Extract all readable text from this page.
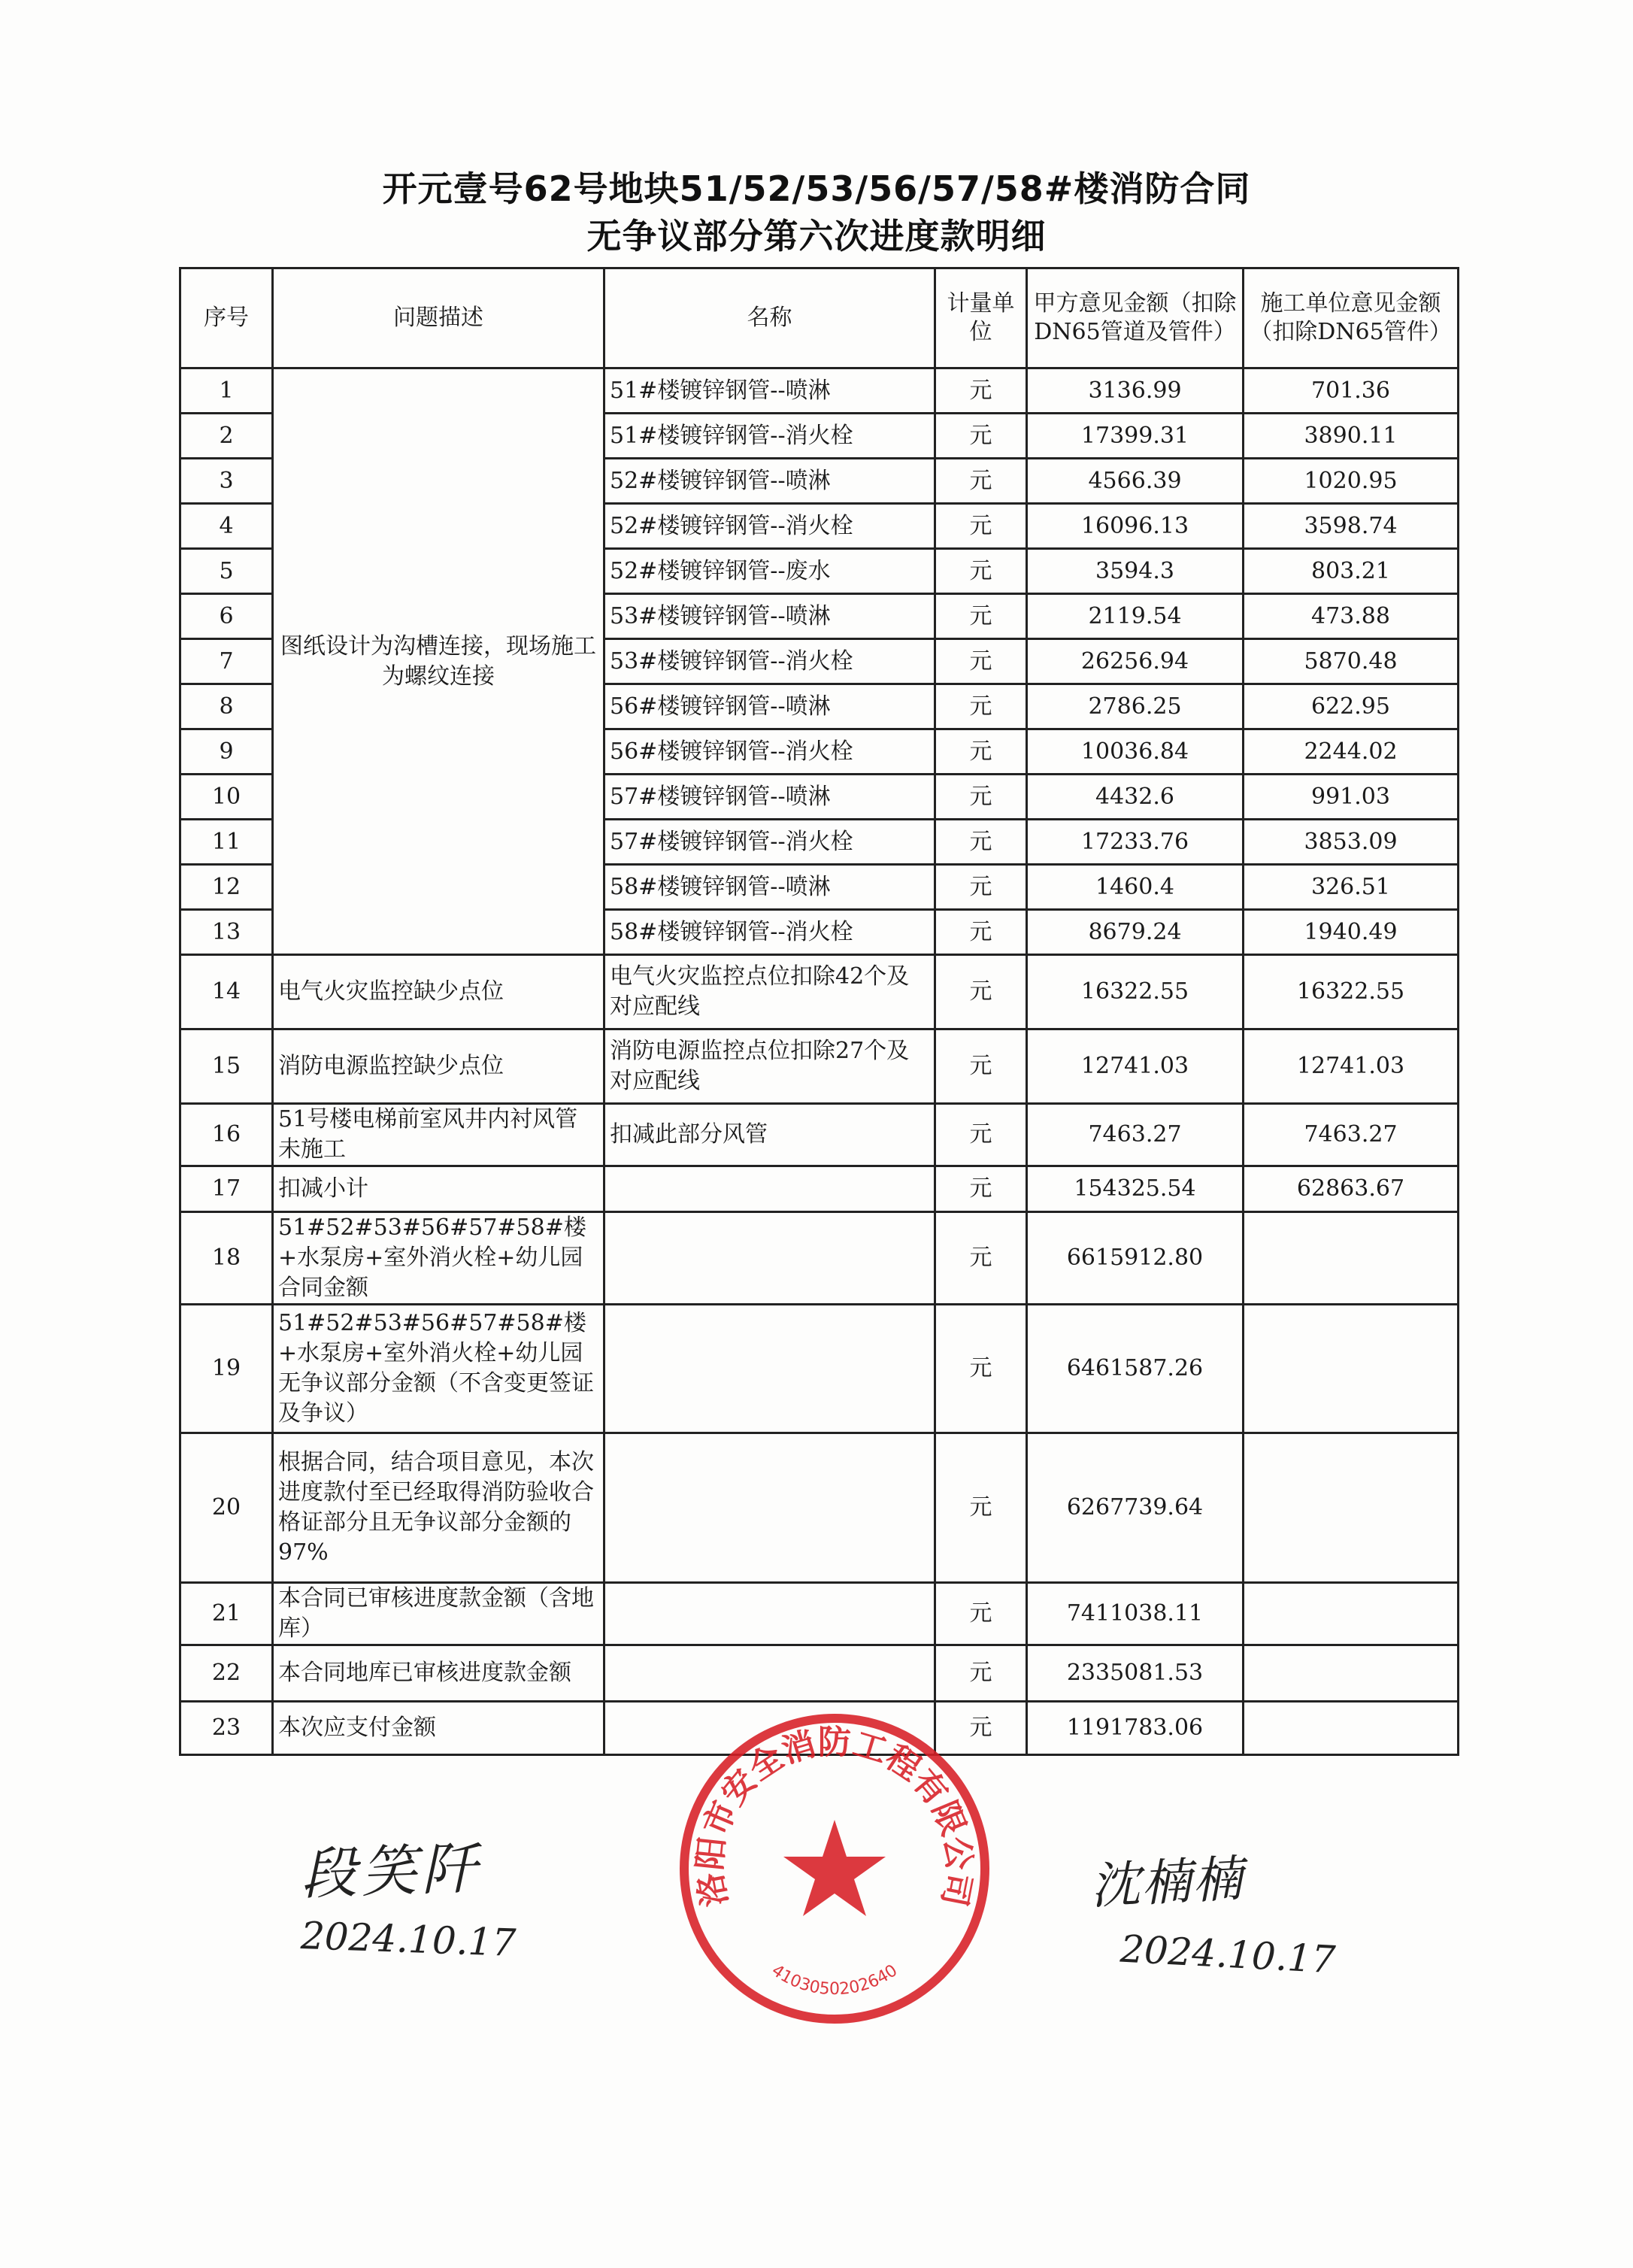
开元壹号62号地块51/52/53/56/57/58#楼消防合同
无争议部分第六次进度款明细
序号	问题描述	名称	计量单位	甲方意见金额（扣除DN65管道及管件）	施工单位意见金额（扣除DN65管件）
1	图纸设计为沟槽连接，现场施工为螺纹连接	51#楼镀锌钢管--喷淋	元	3136.99	701.36
2		51#楼镀锌钢管--消火栓	元	17399.31	3890.11
3		52#楼镀锌钢管--喷淋	元	4566.39	1020.95
4		52#楼镀锌钢管--消火栓	元	16096.13	3598.74
5		52#楼镀锌钢管--废水	元	3594.3	803.21
6		53#楼镀锌钢管--喷淋	元	2119.54	473.88
7		53#楼镀锌钢管--消火栓	元	26256.94	5870.48
8		56#楼镀锌钢管--喷淋	元	2786.25	622.95
9		56#楼镀锌钢管--消火栓	元	10036.84	2244.02
10		57#楼镀锌钢管--喷淋	元	4432.6	991.03
11		57#楼镀锌钢管--消火栓	元	17233.76	3853.09
12		58#楼镀锌钢管--喷淋	元	1460.4	326.51
13		58#楼镀锌钢管--消火栓	元	8679.24	1940.49
14	电气火灾监控缺少点位	电气火灾监控点位扣除42个及对应配线	元	16322.55	16322.55
15	消防电源监控缺少点位	消防电源监控点位扣除27个及对应配线	元	12741.03	12741.03
16	51号楼电梯前室风井内衬风管未施工	扣减此部分风管	元	7463.27	7463.27
17	扣减小计		元	154325.54	62863.67
18	51#52#53#56#57#58#楼+水泵房+室外消火栓+幼儿园合同金额		元	6615912.80	
19	51#52#53#56#57#58#楼+水泵房+室外消火栓+幼儿园无争议部分金额（不含变更签证及争议）		元	6461587.26	
20	根据合同，结合项目意见，本次进度款付至已经取得消防验收合格证部分且无争议部分金额的97%		元	6267739.64	
21	本合同已审核进度款金额（含地库）		元	7411038.11	
22	本合同地库已审核进度款金额		元	2335081.53	
23	本次应支付金额		元	1191783.06	
段笑阡
2024.10.17
沈楠楠
2024.10.17
洛阳市安全消防工程有限公司
4103050202640
